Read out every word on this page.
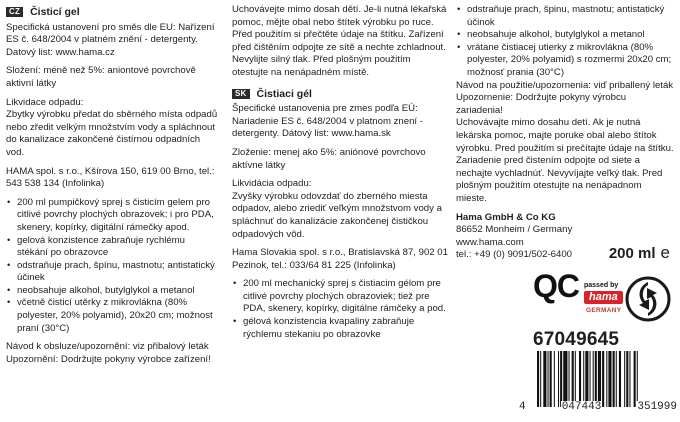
CZ Čisticí gel

Specifická ustanovení pro směs dle EU: Nařízení ES č. 648/2004 v platném znění - detergenty. Datový list: www.hama.cz

Složení: méně než 5%: aniontové povrchově aktivní látky

Likvidace odpadu:

Zbytky výrobku předat do sběrného místa odpadů nebo zředit velkým množstvím vody a spláchnout do kanalizace zakončené čistírnou odpadních vod.

HAMA spol. s r.o., Kšírova 150, 619 00 Brno, tel.: 543 538 134 (Infolinka)

• 200 ml pumpičkový sprej s čisticím gelem pro citlivé povrchy plochých obrazovek; i pro PDA, skenery, kopírky, digitální rámečky apod.
• gelová konzistence zabraňuje rychlému stékání po obrazovce
• odstraňuje prach, špínu, mastnotu; antistatický účinek
• neobsahuje alkohol, butylglykol a metanol
• včetně čisticí utěrky z mikrovlákna (80% polyester, 20% polyamid), 20x20 cm; možnost praní (30°C)

Návod k obsluze/upozornění: viz přibalový leták

Upozornění: Dodržujte pokyny výrobce zařízení!

Uchovávejte mimo dosah dětí. Je-li nutná lékařská pomoc, mějte obal nebo štítek výrobku po ruce. Před použitím si přečtěte údaje na štítku. Zařízení před čištěním odpojte ze sítě a nechte zchladnout. Nevylijte silný tlak. Před plošným použitím otestujte na nenápadném místě.

SK Čistiaci gél

Špecifické ustanovenia pre zmes podľa EÚ: Nariadenie ES č. 648/2004 v platnom znení - detergenty. Dátový list: www.hama.sk

Zloženie: menej ako 5%: aniónové povrchovo aktívne látky

Likvidácia odpadu:

Zvyšky výrobku odovzdať do zberného miesta odpadov, alebo zriediť veľkým množstvom vody a spláchnuť do kanalizácie zakončenej čističkou odpadových vôd.

Hama Slovakia spol. s r.o., Bratislavská 87, 902 01 Pezinok, tel.: 033/64 81 225 (Infolinka)

• 200 ml mechanický sprej s čistiacim gélom pre citlivé povrchy plochých obrazoviek; tiež pre PDA, skenery, kopírky, digitálne rámčeky a pod.
• gélová konzistencia kvapaliny zabraňuje rýchlemu stekaniu po obrazovke
• odstraňuje prach, špinu, mastnotu; antistatický účinok
• neobsahuje alkohol, butylglykol a metanol
• vrátane čistiacej utierky z mikrovlákna (80% polyester, 20% polyamid) s rozmermi 20x20 cm; možnosť prania (30°C)

Návod na použitie/upozornenia: viď priballený leták

Upozornenie: Dodržujte pokyny výrobcu zariadenia!

Uchovávajte mimo dosahu detí. Ak je nutná lekárska pomoc, majte poruke obal alebo štítok výrobku. Pred použitím si prečítajte údaje na štítku. Zariadenie pred čistením odpojte od siete a nechajte vychladnúť. Nevyvíjajte veľký tlak. Pred plošným použitím otestujte na nenápadnom mieste.

Hama GmbH & Co KG
86652 Monheim / Germany
www.hama.com
tel.: +49 (0) 9091/502-6400	200 ml e
QC passed by
hama
GERMANY
67049645
4	047443	351999
